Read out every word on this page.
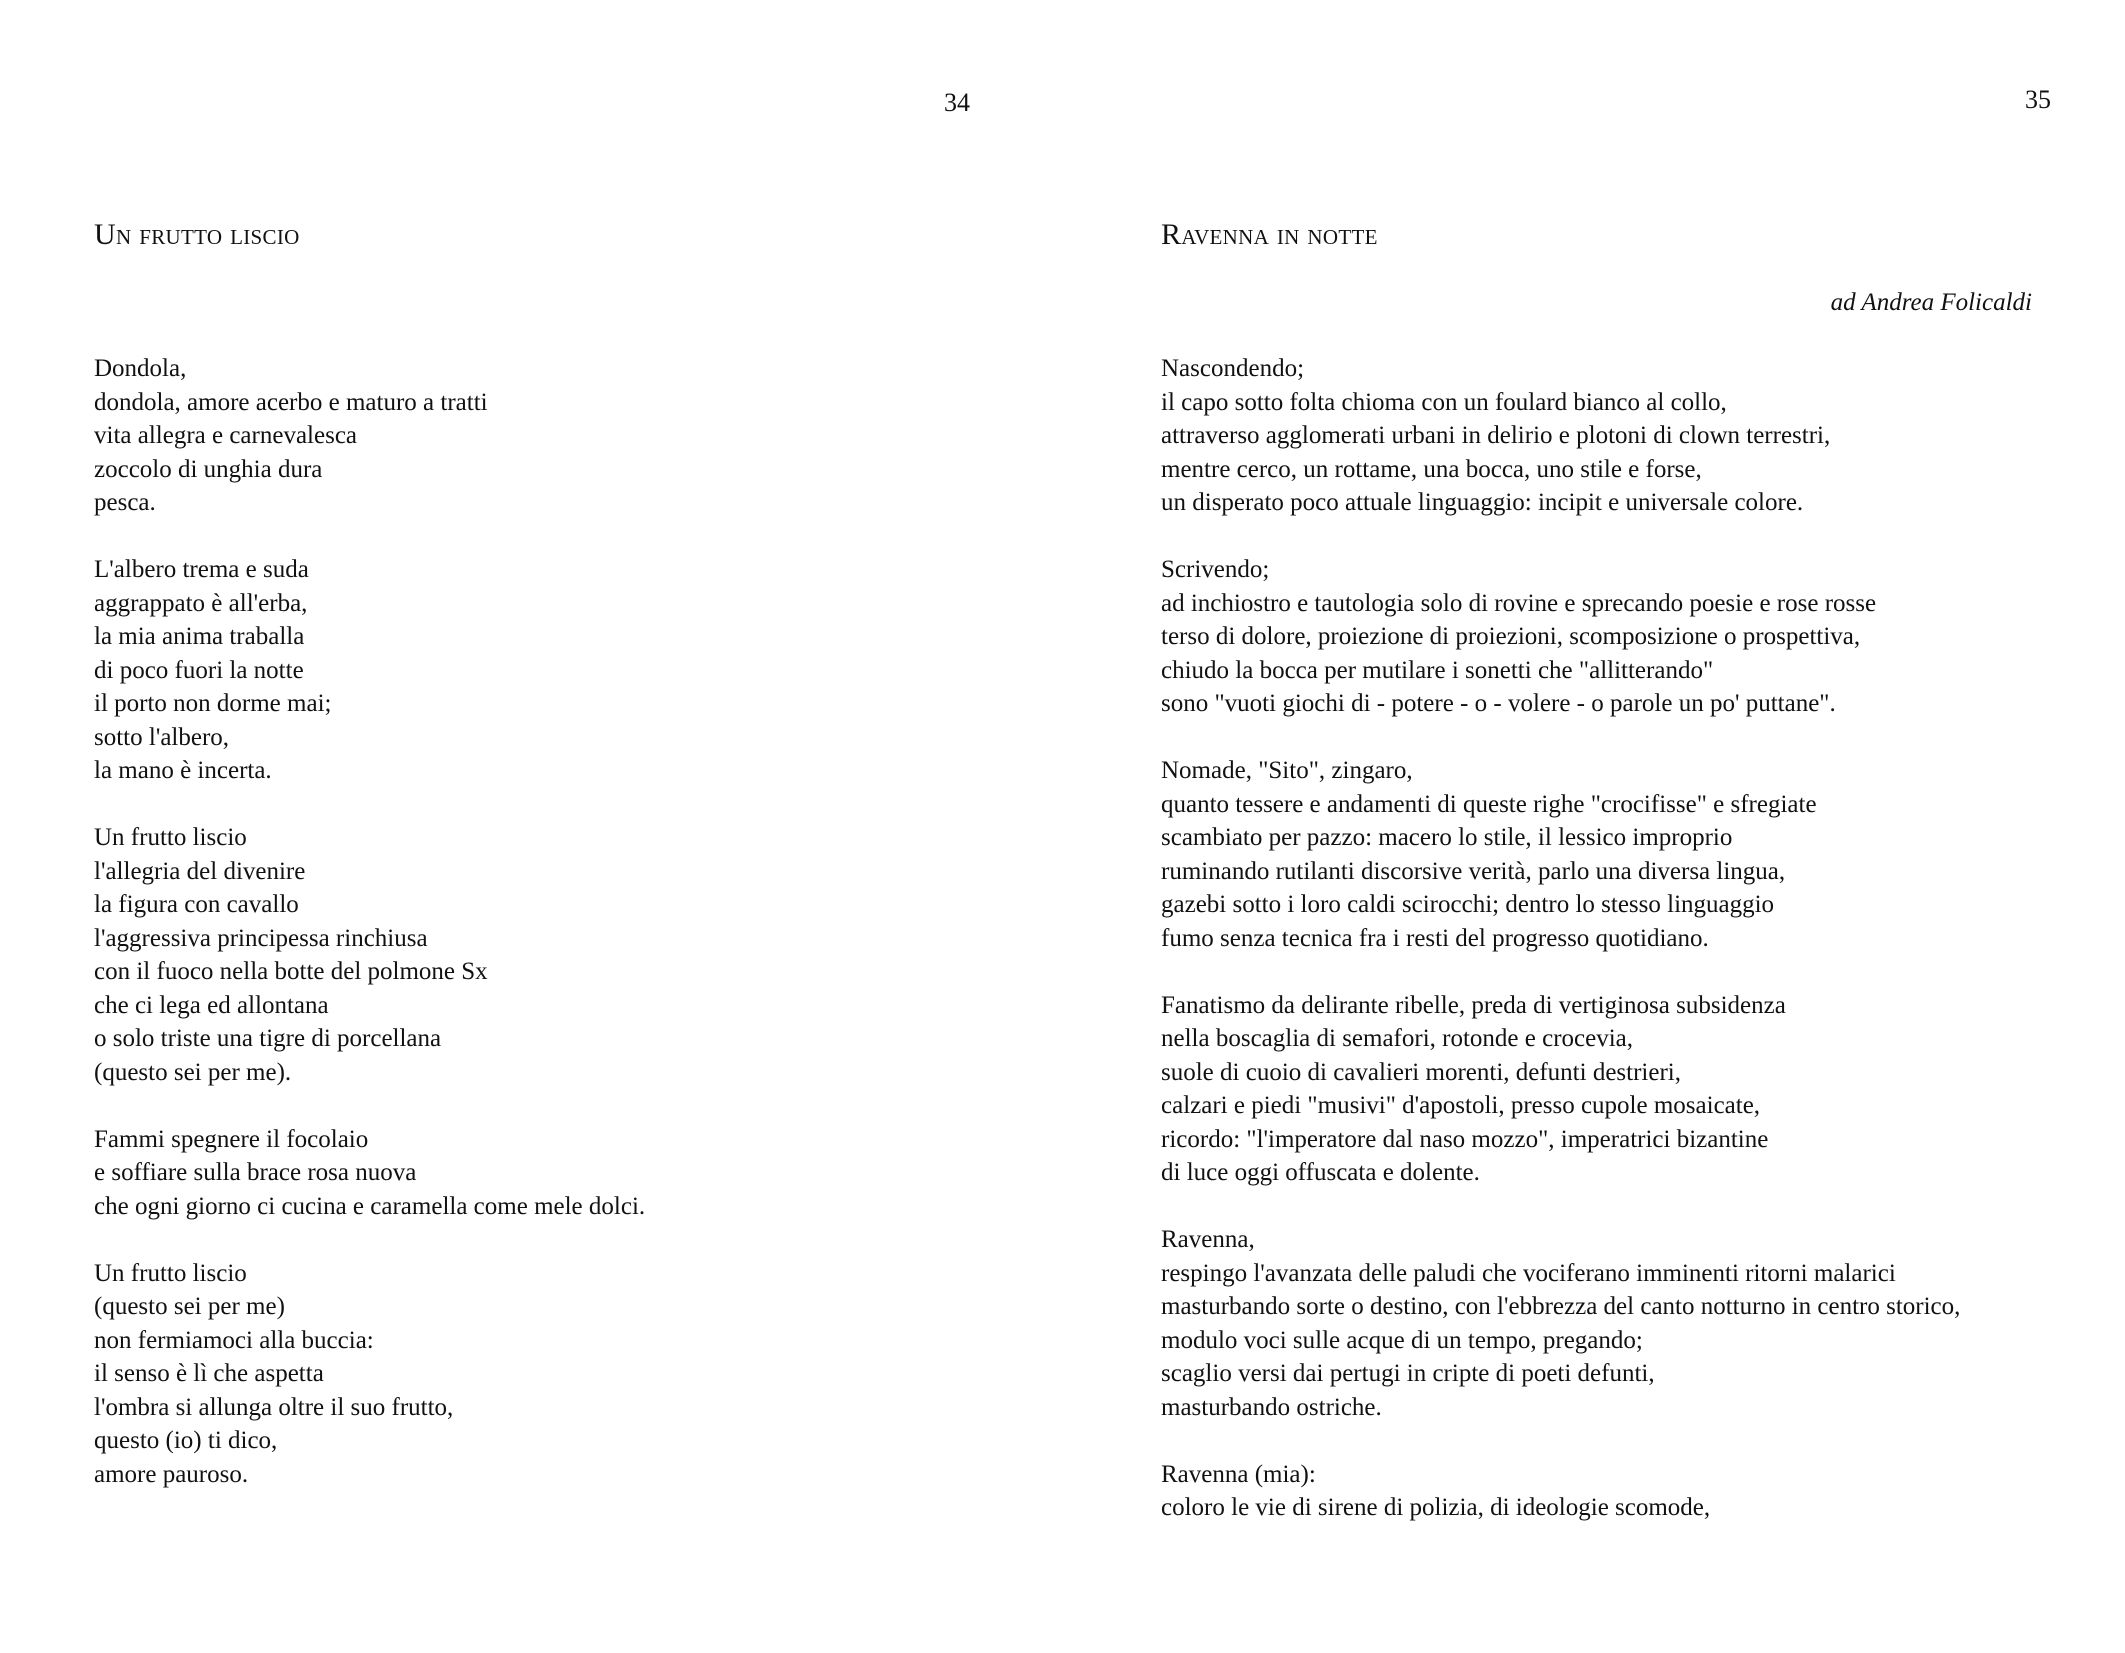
34
Un frutto liscio
Dondola,
dondola, amore acerbo e maturo a tratti
vita allegra e carnevalesca
zoccolo di unghia dura
pesca.
L'albero trema e suda
aggrappato è all'erba,
la mia anima traballa
di poco fuori la notte
il porto non dorme mai;
sotto l'albero,
la mano è incerta.
Un frutto liscio
l'allegria del divenire
la figura con cavallo
l'aggressiva principessa rinchiusa
con il fuoco nella botte del polmone Sx
che ci lega ed allontana
o solo triste una tigre di porcellana
(questo sei per me).
Fammi spegnere il focolaio
e soffiare sulla brace rosa nuova
che ogni giorno ci cucina e caramella come mele dolci.
Un frutto liscio
(questo sei per me)
non fermiamoci alla buccia:
il senso è lì che aspetta
l'ombra si allunga oltre il suo frutto,
questo (io) ti dico,
amore pauroso.
35
Ravenna in notte
ad Andrea Folicaldi
Nascondendo;
il capo sotto folta chioma con un foulard bianco al collo,
attraverso agglomerati urbani in delirio e plotoni di clown terrestri,
mentre cerco, un rottame, una bocca, uno stile e forse,
un disperato poco attuale linguaggio: incipit e universale colore.
Scrivendo;
ad inchiostro e tautologia solo di rovine e sprecando poesie e rose rosse
terso di dolore, proiezione di proiezioni, scomposizione o prospettiva,
chiudo la bocca per mutilare i sonetti che "allitterando"
sono "vuoti giochi di - potere - o - volere - o parole un po' puttane".
Nomade, "Sito", zingaro,
quanto tessere e andamenti di queste righe "crocifisse" e sfregiate
scambiato per pazzo: macero lo stile, il lessico improprio
ruminando rutilanti discorsive verità, parlo una diversa lingua,
gazebi sotto i loro caldi scirocchi; dentro lo stesso linguaggio
fumo senza tecnica fra i resti del progresso quotidiano.
Fanatismo da delirante ribelle, preda di vertiginosa subsidenza
nella boscaglia di semafori, rotonde e crocevia,
suole di cuoio di cavalieri morenti, defunti destrieri,
calzari e piedi "musivi" d'apostoli, presso cupole mosaicate,
ricordo: "l'imperatore dal naso mozzo", imperatrici bizantine
di luce oggi offuscata e dolente.
Ravenna,
respingo l'avanzata delle paludi che vociferano imminenti ritorni malarici
masturbando sorte o destino, con l'ebbrezza del canto notturno in centro storico,
modulo voci sulle acque di un tempo, pregando;
scaglio versi dai pertugi in cripte di poeti defunti,
masturbando ostriche.
Ravenna (mia):
coloro le vie di sirene di polizia, di ideologie scomode,
